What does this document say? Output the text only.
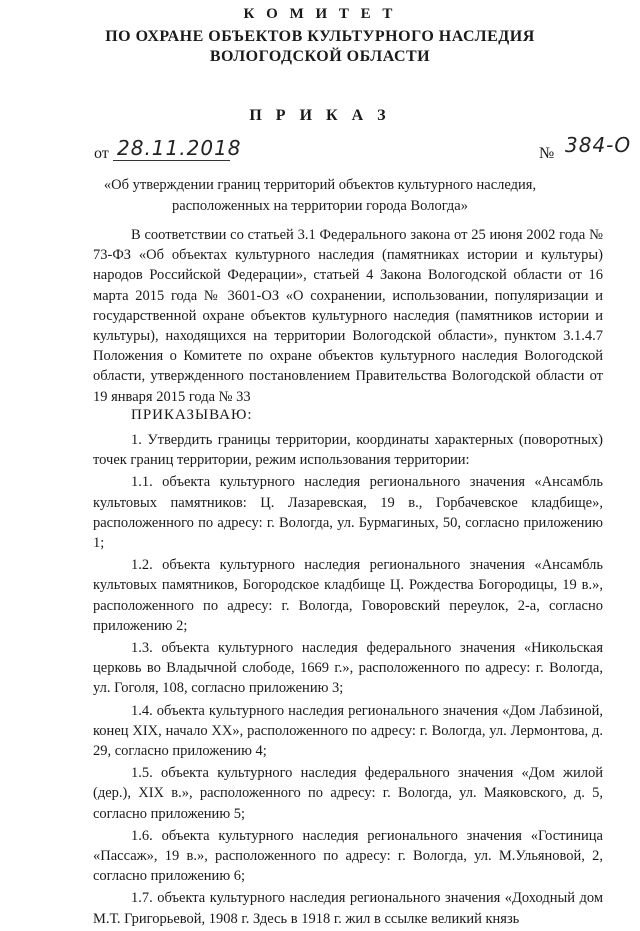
К О М И Т Е Т
ПО ОХРАНЕ ОБЪЕКТОВ КУЛЬТУРНОГО НАСЛЕДИЯ
ВОЛОГОДСКОЙ ОБЛАСТИ
П Р И К А З
от 28.11.2018	№ 384-О
«Об утверждении границ территорий объектов культурного наследия,
расположенных на территории города Вологда»

В соответствии со статьей 3.1 Федерального закона от 25 июня 2002 года № 73-ФЗ «Об объектах культурного наследия (памятниках истории и культуры) народов Российской Федерации», статьей 4 Закона Вологодской области от 16 марта 2015 года № 3601-ОЗ «О сохранении, использовании, популяризации и государственной охране объектов культурного наследия (памятников истории и культуры), находящихся на территории Вологодской области», пунктом 3.1.4.7 Положения о Комитете по охране объектов культурного наследия Вологодской области, утвержденного постановлением Правительства Вологодской области от 19 января 2015 года № 33

ПРИКАЗЫВАЮ:

1. Утвердить границы территории, координаты характерных (поворотных) точек границ территории, режим использования территории:

1.1. объекта культурного наследия регионального значения «Ансамбль культовых памятников: Ц. Лазаревская, 19 в., Горбачевское кладбище», расположенного по адресу: г. Вологда, ул. Бурмагиных, 50, согласно приложению 1;

1.2. объекта культурного наследия регионального значения «Ансамбль культовых памятников, Богородское кладбище Ц. Рождества Богородицы, 19 в.», расположенного по адресу: г. Вологда, Говоровский переулок, 2-а, согласно приложению 2;

1.3. объекта культурного наследия федерального значения «Никольская церковь во Владычной слободе, 1669 г.», расположенного по адресу: г. Вологда, ул. Гоголя, 108, согласно приложению 3;

1.4. объекта культурного наследия регионального значения «Дом Лабзиной, конец XIX, начало XX», расположенного по адресу: г. Вологда, ул. Лермонтова, д. 29, согласно приложению 4;

1.5. объекта культурного наследия федерального значения «Дом жилой (дер.), XIX в.», расположенного по адресу: г. Вологда, ул. Маяковского, д. 5, согласно приложению 5;

1.6. объекта культурного наследия регионального значения «Гостиница «Пассаж», 19 в.», расположенного по адресу: г. Вологда, ул. М.Ульяновой, 2, согласно приложению 6;

1.7. объекта культурного наследия регионального значения «Доходный дом М.Т. Григорьевой, 1908 г. Здесь в 1918 г. жил в ссылке великий князь
